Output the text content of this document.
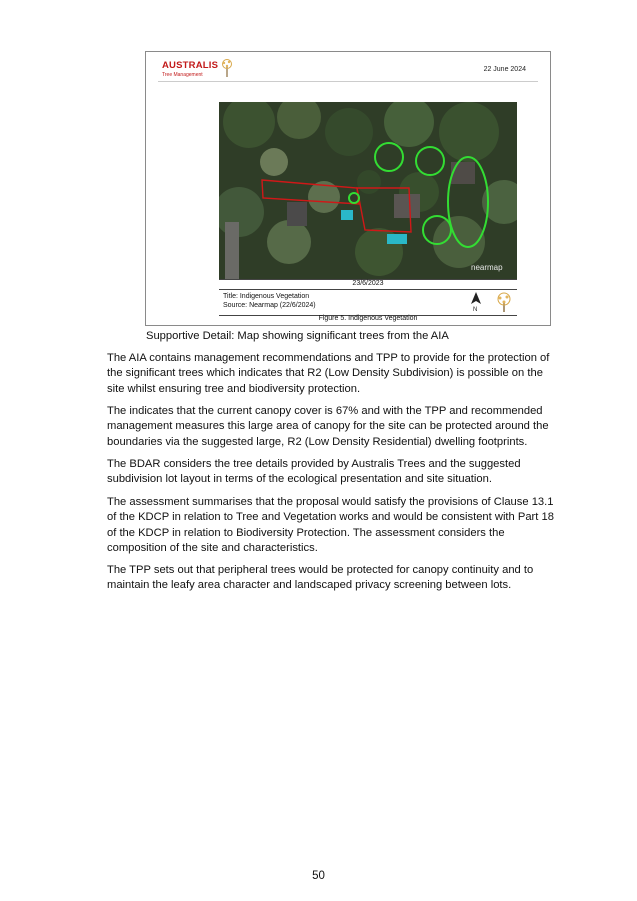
AUSTRALIS
Tree Management
22 June 2024
nearmap
23/6/2023
Title: Indigenous Vegetation
Source: Nearmap (22/6/2024)
N
Figure 5. Indigenous Vegetation
Supportive Detail: Map showing significant trees from the AIA
The AIA contains management recommendations and TPP to provide for the protection of
the significant trees which indicates that R2 (Low Density Subdivision) is possible on the
site whilst ensuring tree and biodiversity protection.
The indicates that the current canopy cover is 67% and with the TPP and recommended
management measures this large area of canopy for the site can be protected around the
boundaries via the suggested large, R2 (Low Density Residential) dwelling footprints.
The BDAR considers the tree details provided by Australis Trees and the suggested
subdivision lot layout in terms of the ecological presentation and site situation.
The assessment summarises that the proposal would satisfy the provisions of Clause 13.1
of the KDCP in relation to Tree and Vegetation works and would be consistent with Part 18
of the KDCP in relation to Biodiversity Protection. The assessment considers the
composition of the site and characteristics.
The TPP sets out that peripheral trees would be protected for canopy continuity and to
maintain the leafy area character and landscaped privacy screening between lots.
50
